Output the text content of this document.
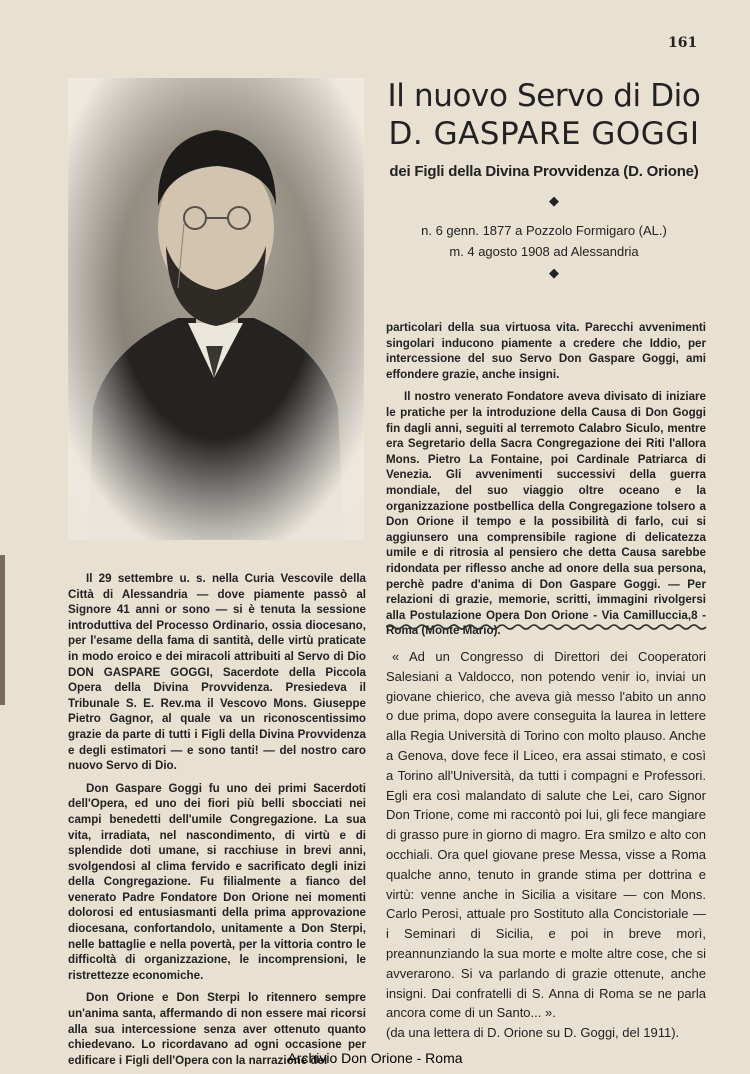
161
Il nuovo Servo di Dio
D. GASPARE GOGGI
dei Figli della Divina Provvidenza (D. Orione)
◆
n. 6 genn. 1877 a Pozzolo Formigaro (AL.)
m. 4 agosto 1908 ad Alessandria
◆

Il 29 settembre u. s. nella Curia Vescovile della Città di Alessandria — dove piamente passò al Signore 41 anni or sono — si è tenuta la sessione introduttiva del Processo Ordinario, ossia diocesano, per l'esame della fama di santità, delle virtù praticate in modo eroico e dei miracoli attribuiti al Servo di Dio DON GASPARE GOGGI, Sacerdote della Piccola Opera della Divina Provvidenza. Presiedeva il Tribunale S. E. Rev.ma il Vescovo Mons. Giuseppe Pietro Gagnor, al quale va un riconoscentissimo grazie da parte di tutti i Figli della Divina Provvidenza e degli estimatori — e sono tanti! — del nostro caro nuovo Servo di Dio.

Don Gaspare Goggi fu uno dei primi Sacerdoti dell'Opera, ed uno dei fiori più belli sbocciati nei campi benedetti dell'umile Congregazione. La sua vita, irradiata, nel nascondimento, di virtù e di splendide doti umane, si racchiuse in brevi anni, svolgendosi al clima fervido e sacrificato degli inizi della Congregazione. Fu filialmente a fianco del venerato Padre Fondatore Don Orione nei momenti dolorosi ed entusiasmanti della prima approvazione diocesana, confortandolo, unitamente a Don Sterpi, nelle battaglie e nella povertà, per la vittoria contro le difficoltà di organizzazione, le incomprensioni, le ristrettezze economiche.

Don Orione e Don Sterpi lo ritennero sempre un'anima santa, affermando di non essere mai ricorsi alla sua intercessione senza aver ottenuto quanto chiedevano. Lo ricordavano ad ogni occasione per edificare i Figli dell'Opera con la narrazione dei

particolari della sua virtuosa vita. Parecchi avvenimenti singolari inducono piamente a credere che Iddio, per intercessione del suo Servo Don Gaspare Goggi, ami effondere grazie, anche insigni.

Il nostro venerato Fondatore aveva divisato di iniziare le pratiche per la introduzione della Causa di Don Goggi fin dagli anni, seguiti al terremoto Calabro Siculo, mentre era Segretario della Sacra Congregazione dei Riti l'allora Mons. Pietro La Fontaine, poi Cardinale Patriarca di Venezia. Gli avvenimenti successivi della guerra mondiale, del suo viaggio oltre oceano e la organizzazione postbellica della Congregazione tolsero a Don Orione il tempo e la possibilità di farlo, cui si aggiunsero una comprensibile ragione di delicatezza umile e di ritrosia al pensiero che detta Causa sarebbe ridondata per riflesso anche ad onore della sua persona, perchè padre d'anima di Don Gaspare Goggi. — Per relazioni di grazie, memorie, scritti, immagini rivolgersi alla Postulazione Opera Don Orione - Via Camilluccia,8 - Roma (Monte Mario).

« Ad un Congresso di Direttori dei Cooperatori Salesiani a Valdocco, non potendo venir io, inviai un giovane chierico, che aveva già messo l'abito un anno o due prima, dopo avere conseguita la laurea in lettere alla Regia Università di Torino con molto plauso. Anche a Genova, dove fece il Liceo, era assai stimato, e così a Torino all'Università, da tutti i compagni e Professori. Egli era così malandato di salute che Lei, caro Signor Don Trione, come mi raccontò poi lui, gli fece mangiare di grasso pure in giorno di magro. Era smilzo e alto con occhiali. Ora quel giovane prese Messa, visse a Roma qualche anno, tenuto in grande stima per dottrina e virtù: venne anche in Sicilia a visitare — con Mons. Carlo Perosi, attuale pro Sostituto alla Concistoriale — i Seminari di Sicilia, e poi in breve morì, preannunziando la sua morte e molte altre cose, che si avverarono. Si va parlando di grazie ottenute, anche insigni. Dai confratelli di S. Anna di Roma se ne parla ancora come di un Santo... ».

(da una lettera di D. Orione su D. Goggi, del 1911).

Archivio Don Orione - Roma
